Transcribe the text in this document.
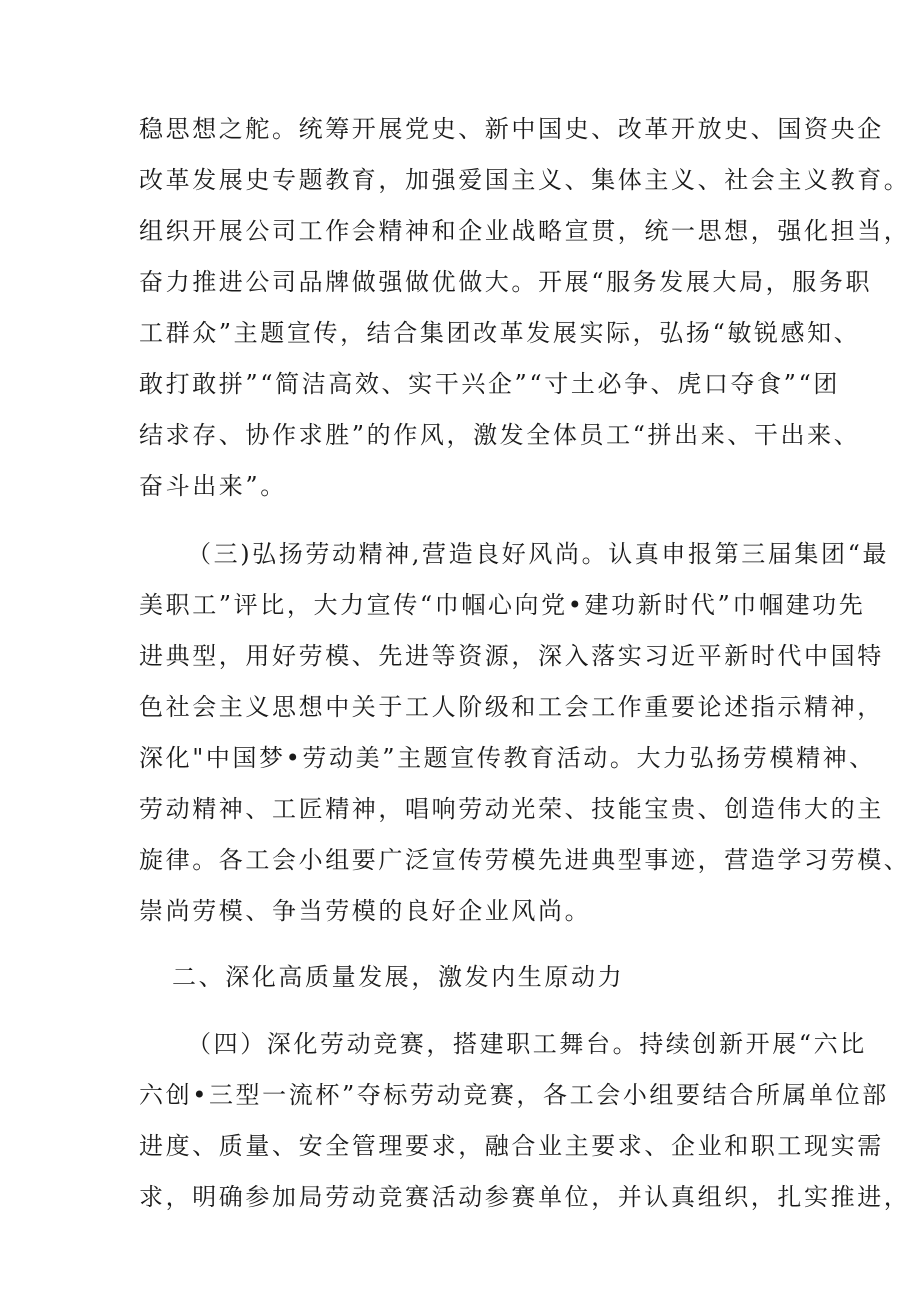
稳思想之舵。统筹开展党史、新中国史、改革开放史、国资央企
改革发展史专题教育，加强爱国主义、集体主义、社会主义教育。
组织开展公司工作会精神和企业战略宣贯，统一思想，强化担当，
奋力推进公司品牌做强做优做大。开展“服务发展大局，服务职
工群众”主题宣传，结合集团改革发展实际，弘扬“敏锐感知、
敢打敢拼”“简洁高效、实干兴企”“寸土必争、虎口夺食”“团
结求存、协作求胜”的作风，激发全体员工“拼出来、干出来、
奋斗出来”。
（三)弘扬劳动精神,营造良好风尚。认真申报第三届集团“最
美职工”评比，大力宣传“巾帼心向党•建功新时代”巾帼建功先
进典型，用好劳模、先进等资源，深入落实习近平新时代中国特
色社会主义思想中关于工人阶级和工会工作重要论述指示精神，
深化"中国梦•劳动美”主题宣传教育活动。大力弘扬劳模精神、
劳动精神、工匠精神，唱响劳动光荣、技能宝贵、创造伟大的主
旋律。各工会小组要广泛宣传劳模先进典型事迹，营造学习劳模、
崇尚劳模、争当劳模的良好企业风尚。
二、深化高质量发展，激发内生原动力
（四）深化劳动竞赛，搭建职工舞台。持续创新开展“六比
六创•三型一流杯”夺标劳动竞赛，各工会小组要结合所属单位部
进度、质量、安全管理要求，融合业主要求、企业和职工现实需
求，明确参加局劳动竞赛活动参赛单位，并认真组织，扎实推进，
